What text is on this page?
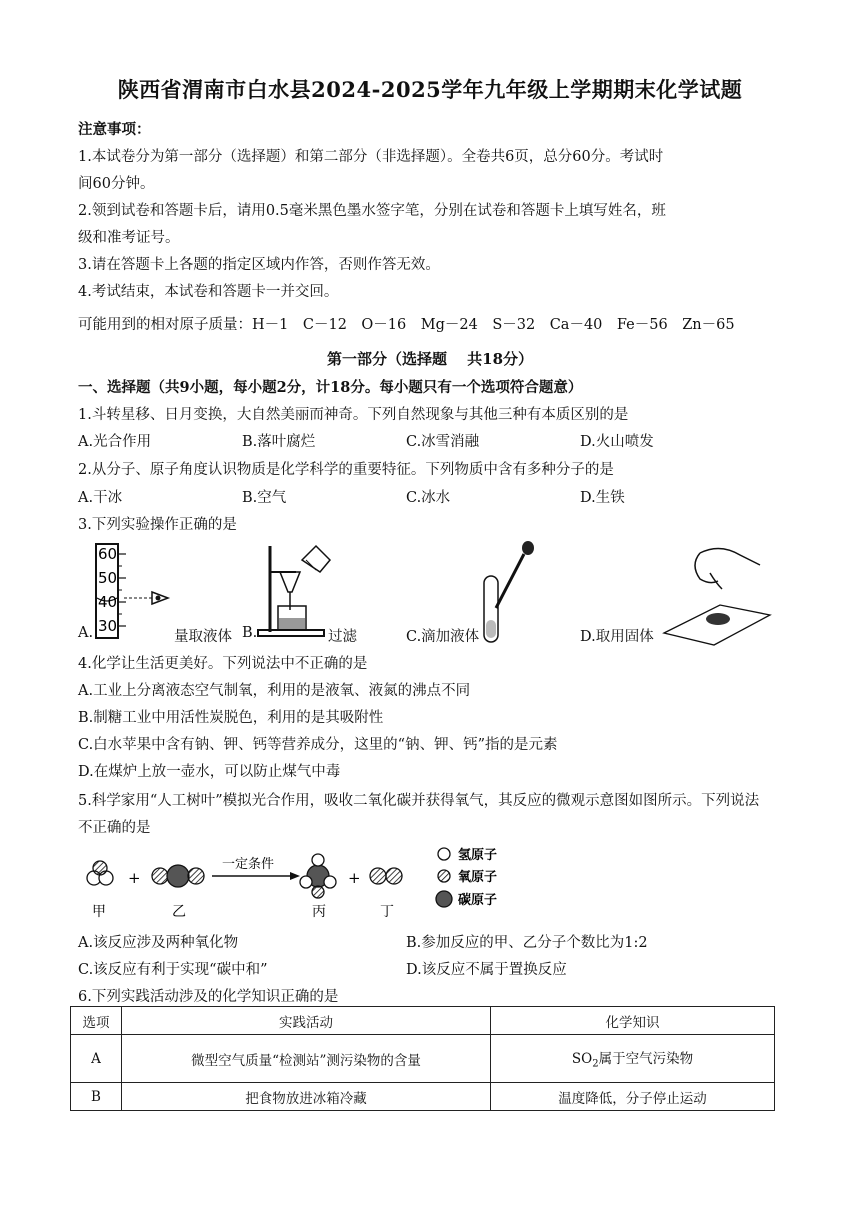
陕西省渭南市白水县2024-2025学年九年级上学期期末化学试题
注意事项：
1.本试卷分为第一部分（选择题）和第二部分（非选择题）。全卷共6页，总分60分。考试时
间60分钟。
2.领到试卷和答题卡后，请用0.5毫米黑色墨水签字笔，分别在试卷和答题卡上填写姓名，班
级和准考证号。
3.请在答题卡上各题的指定区域内作答，否则作答无效。
4.考试结束，本试卷和答题卡一并交回。
可能用到的相对原子质量：H－1　C－12　O－16　Mg－24　S－32　Ca－40　Fe－56　Zn－65
第一部分（选择题　 共18分）
一、选择题（共9小题，每小题2分，计18分。每小题只有一个选项符合题意）
1.斗转星移、日月变换，大自然美丽而神奇。下列自然现象与其他三种有本质区别的是
A.光合作用	B.落叶腐烂	C.冰雪消融	D.火山喷发
2.从分子、原子角度认识物质是化学科学的重要特征。下列物质中含有多种分子的是
A.干冰	B.空气	C.冰水	D.生铁
3.下列实验操作正确的是
60
50
40
30
A.	量取液体 B.	过滤	C.滴加液体	D.取用固体
4.化学让生活更美好。下列说法中不正确的是
A.工业上分离液态空气制氧，利用的是液氧、液氮的沸点不同
B.制糖工业中用活性炭脱色，利用的是其吸附性
C.白水苹果中含有钠、钾、钙等营养成分，这里的“钠、钾、钙”指的是元素
D.在煤炉上放一壶水，可以防止煤气中毒
5.科学家用“人工树叶”模拟光合作用，吸收二氧化碳并获得氧气，其反应的微观示意图如图所示。下列说法
不正确的是
+
一定条件
+
甲	乙	丙	丁
氢原子
氧原子
碳原子
A.该反应涉及两种氧化物	B.参加反应的甲、乙分子个数比为1:2
C.该反应有利于实现“碳中和”	D.该反应不属于置换反应
6.下列实践活动涉及的化学知识正确的是
选项	实践活动	化学知识
A	微型空气质量“检测站”测污染物的含量	$SO_2$属于空气污染物
B	把食物放进冰箱冷藏	温度降低，分子停止运动
